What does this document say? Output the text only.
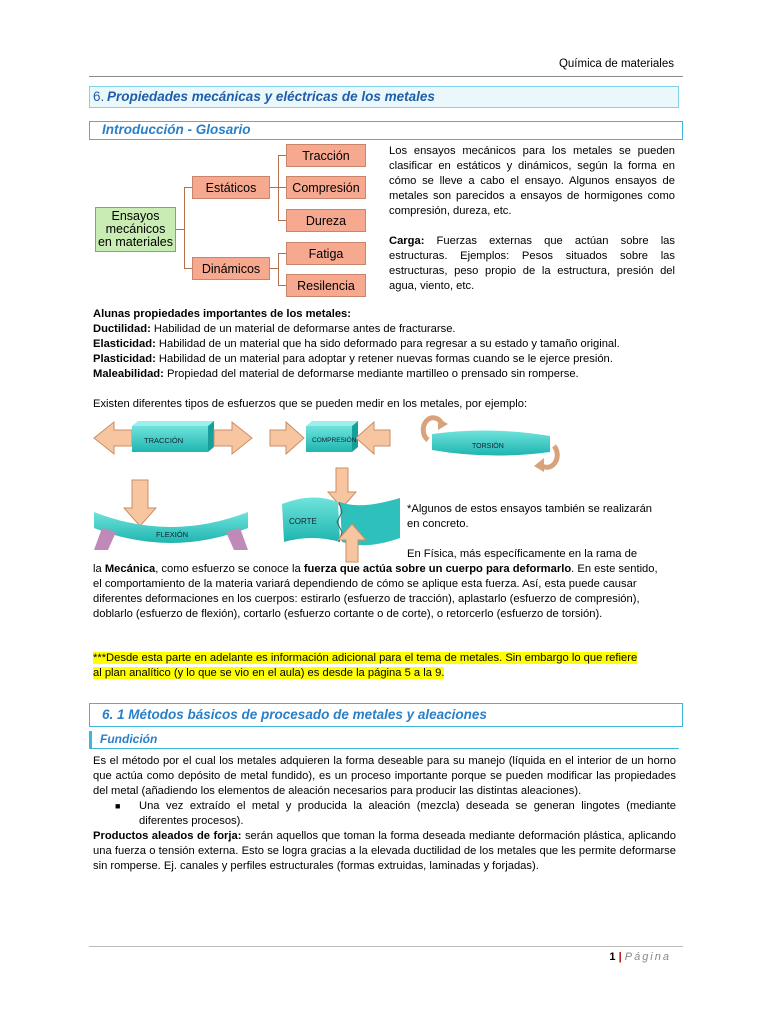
Química de materiales
6. Propiedades mecánicas y eléctricas de los metales
Introducción - Glosario
Ensayos
mecánicos
en materiales
Estáticos
Dinámicos
Tracción
Compresión
Dureza
Fatiga
Resilencia
Los ensayos mecánicos para los metales se pueden clasificar en estáticos y dinámicos, según la forma en cómo se lleve a cabo el ensayo. Algunos ensayos de metales son parecidos a ensayos de hormigones como compresión, dureza, etc.
Carga: Fuerzas externas que actúan sobre las estructuras. Ejemplos: Pesos situados sobre las estructuras, peso propio de la estructura, presión del agua, viento, etc.
Alunas propiedades importantes de los metales:
Ductilidad: Habilidad de un material de deformarse antes de fracturarse.
Elasticidad: Habilidad de un material que ha sido deformado para regresar a su estado y tamaño original.
Plasticidad: Habilidad de un material para adoptar y retener nuevas formas cuando se le ejerce presión.
Maleabilidad: Propiedad del material de deformarse mediante martilleo o prensado sin romperse.
Existen diferentes tipos de esfuerzos que se pueden medir en los metales, por ejemplo:
TRACCIÓN	COMPRESIÓN
FLEXIÓN
CORTE
TORSIÓN
*Algunos de estos ensayos también se realizarán
en concreto.
En Física, más específicamente en la rama de
la Mecánica, como esfuerzo se conoce la fuerza que actúa sobre un cuerpo para deformarlo. En este sentido,
el comportamiento de la materia variará dependiendo de cómo se aplique esta fuerza. Así, esta puede causar
diferentes deformaciones en los cuerpos: estirarlo (esfuerzo de tracción), aplastarlo (esfuerzo de compresión),
doblarlo (esfuerzo de flexión), cortarlo (esfuerzo cortante o de corte), o retorcerlo (esfuerzo de torsión).
***Desde esta parte en adelante es información adicional para el tema de metales. Sin embargo lo que refiere
al plan analítico (y lo que se vio en el aula) es desde la página 5 a la 9.
6. 1 Métodos básicos de procesado de metales y aleaciones
Fundición
Es el método por el cual los metales adquieren la forma deseable para su manejo (líquida en el interior de un horno que actúa como depósito de metal fundido), es un proceso importante porque se pueden modificar las propiedades del metal (añadiendo los elementos de aleación necesarios para producir las distintas aleaciones).
■ Una vez extraído el metal y producida la aleación (mezcla) deseada se generan lingotes (mediante diferentes procesos).
Productos aleados de forja: serán aquellos que toman la forma deseada mediante deformación plástica, aplicando una fuerza o tensión externa. Esto se logra gracias a la elevada ductilidad de los metales que les permite deformarse sin romperse. Ej. canales y perfiles estructurales (formas extruidas, laminadas y forjadas).
1 | Página
